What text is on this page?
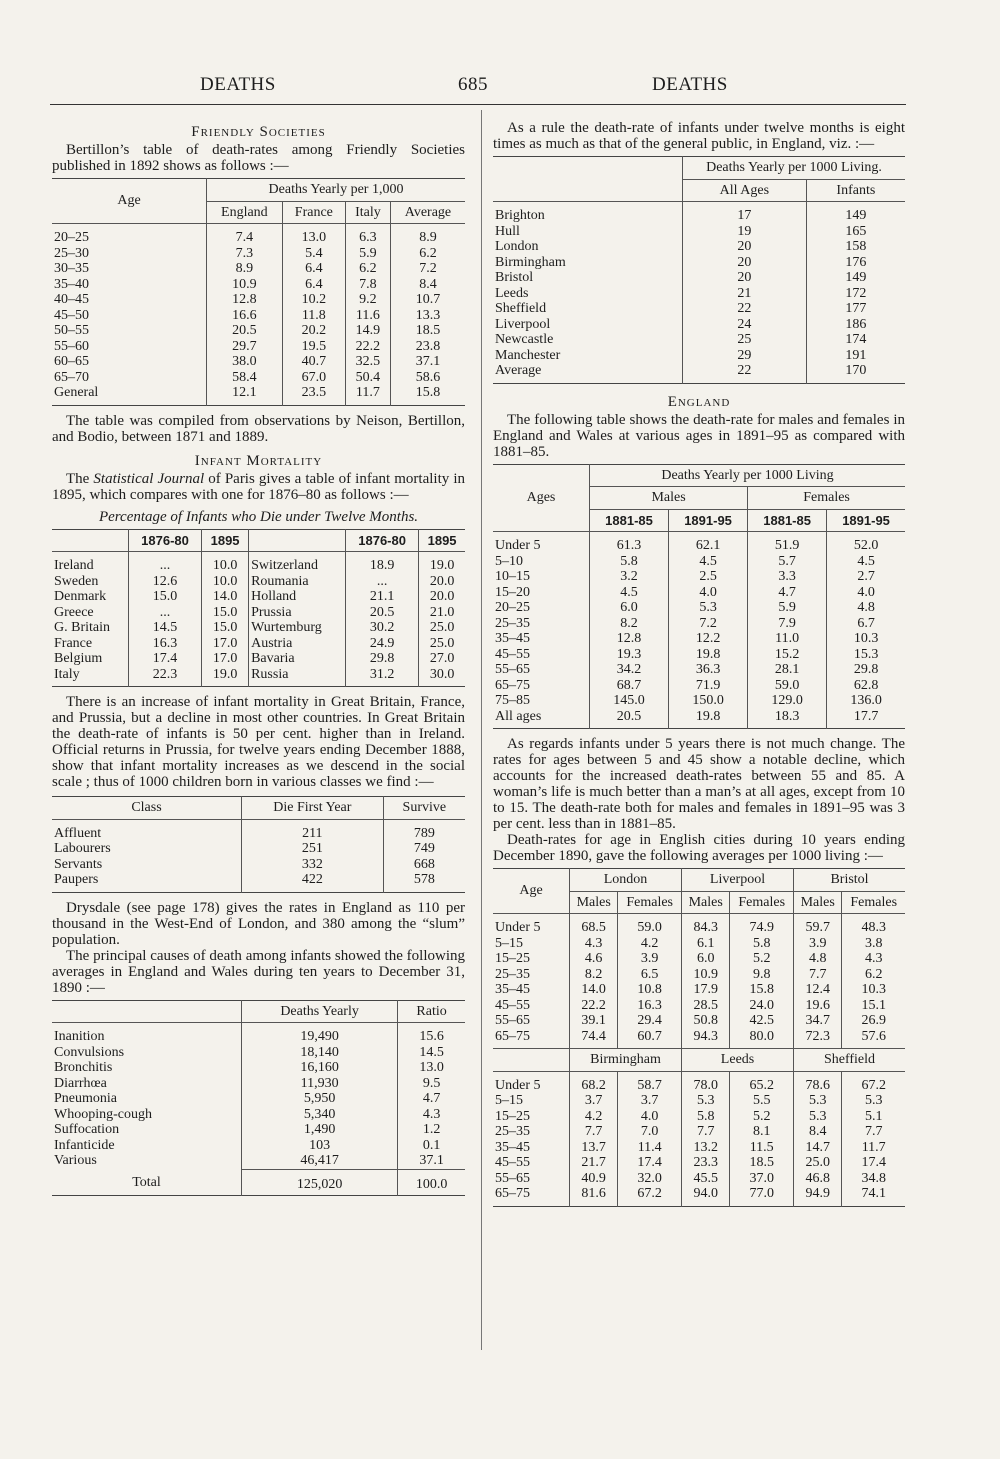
DEATHS	685	DEATHS
Friendly Societies

Bertillon’s table of death-rates among Friendly Societies published in 1892 shows as follows :—

Age	Deaths Yearly per 1,000			
	England	France	Italy	Average
20–25	7.4	13.0	6.3	8.9
25–30	7.3	5.4	5.9	6.2
30–35	8.9	6.4	6.2	7.2
35–40	10.9	6.4	7.8	8.4
40–45	12.8	10.2	9.2	10.7
45–50	16.6	11.8	11.6	13.3
50–55	20.5	20.2	14.9	18.5
55–60	29.7	19.5	22.2	23.8
60–65	38.0	40.7	32.5	37.1
65–70	58.4	67.0	50.4	58.6
General	12.1	23.5	11.7	15.8

The table was compiled from observations by Neison, Bertillon, and Bodio, between 1871 and 1889.

Infant Mortality

The Statistical Journal of Paris gives a table of infant mortality in 1895, which compares with one for 1876–80 as follows :—

Percentage of Infants who Die under Twelve Months.
	1876-80	1895		1876-80	1895
Ireland	...	10.0	Switzerland	18.9	19.0
Sweden	12.6	10.0	Roumania	...	20.0
Denmark	15.0	14.0	Holland	21.1	20.0
Greece	...	15.0	Prussia	20.5	21.0
G. Britain	14.5	15.0	Wurtemburg	30.2	25.0
France	16.3	17.0	Austria	24.9	25.0
Belgium	17.4	17.0	Bavaria	29.8	27.0
Italy	22.3	19.0	Russia	31.2	30.0

There is an increase of infant mortality in Great Britain, France, and Prussia, but a decline in most other countries. In Great Britain the death-rate of infants is 50 per cent. higher than in Ireland. Official returns in Prussia, for twelve years ending December 1888, show that infant mortality increases as we descend in the social scale ; thus of 1000 children born in various classes we find :—

Class	Die First Year	Survive
Affluent	211	789
Labourers	251	749
Servants	332	668
Paupers	422	578

Drysdale (see page 178) gives the rates in England as 110 per thousand in the West-End of London, and 380 among the “slum” population.

The principal causes of death among infants showed the following averages in England and Wales during ten years to December 31, 1890 :—

	Deaths Yearly	Ratio
Inanition	19,490	15.6
Convulsions	18,140	14.5
Bronchitis	16,160	13.0
Diarrhœa	11,930	9.5
Pneumonia	5,950	4.7
Whooping-cough	5,340	4.3
Suffocation	1,490	1.2
Infanticide	103	0.1
Various	46,417	37.1
Total	125,020	100.0

As a rule the death-rate of infants under twelve months is eight times as much as that of the general public, in England, viz. :—

	Deaths Yearly per 1000 Living.	
	All Ages	Infants
Brighton	17	149
Hull	19	165
London	20	158
Birmingham	20	176
Bristol	20	149
Leeds	21	172
Sheffield	22	177
Liverpool	24	186
Newcastle	25	174
Manchester	29	191
Average	22	170
England

The following table shows the death-rate for males and females in England and Wales at various ages in 1891–95 as compared with 1881–85.

Ages	Deaths Yearly per 1000 Living			
	Males		Females	
	1881-85	1891-95	1881-85	1891-95
Under 5	61.3	62.1	51.9	52.0
5–10	5.8	4.5	5.7	4.5
10–15	3.2	2.5	3.3	2.7
15–20	4.5	4.0	4.7	4.0
20–25	6.0	5.3	5.9	4.8
25–35	8.2	7.2	7.9	6.7
35–45	12.8	12.2	11.0	10.3
45–55	19.3	19.8	15.2	15.3
55–65	34.2	36.3	28.1	29.8
65–75	68.7	71.9	59.0	62.8
75–85	145.0	150.0	129.0	136.0
All ages	20.5	19.8	18.3	17.7

As regards infants under 5 years there is not much change. The rates for ages between 5 and 45 show a notable decline, which accounts for the increased death-rates between 55 and 85. A woman’s life is much better than a man’s at all ages, except from 10 to 15. The death-rate both for males and females in 1891–95 was 3 per cent. less than in 1881–85.

Death-rates for age in English cities during 10 years ending December 1890, gave the following averages per 1000 living :—

Age	London		Liverpool		Bristol	
	Males	Females	Males	Females	Males	Females
Under 5	68.5	59.0	84.3	74.9	59.7	48.3
5–15	4.3	4.2	6.1	5.8	3.9	3.8
15–25	4.6	3.9	6.0	5.2	4.8	4.3
25–35	8.2	6.5	10.9	9.8	7.7	6.2
35–45	14.0	10.8	17.9	15.8	12.4	10.3
45–55	22.2	16.3	28.5	24.0	19.6	15.1
55–65	39.1	29.4	50.8	42.5	34.7	26.9
65–75	74.4	60.7	94.3	80.0	72.3	57.6
	Birmingham		Leeds		Sheffield	
Under 5	68.2	58.7	78.0	65.2	78.6	67.2
5–15	3.7	3.7	5.3	5.5	5.3	5.3
15–25	4.2	4.0	5.8	5.2	5.3	5.1
25–35	7.7	7.0	7.7	8.1	8.4	7.7
35–45	13.7	11.4	13.2	11.5	14.7	11.7
45–55	21.7	17.4	23.3	18.5	25.0	17.4
55–65	40.9	32.0	45.5	37.0	46.8	34.8
65–75	81.6	67.2	94.0	77.0	94.9	74.1
